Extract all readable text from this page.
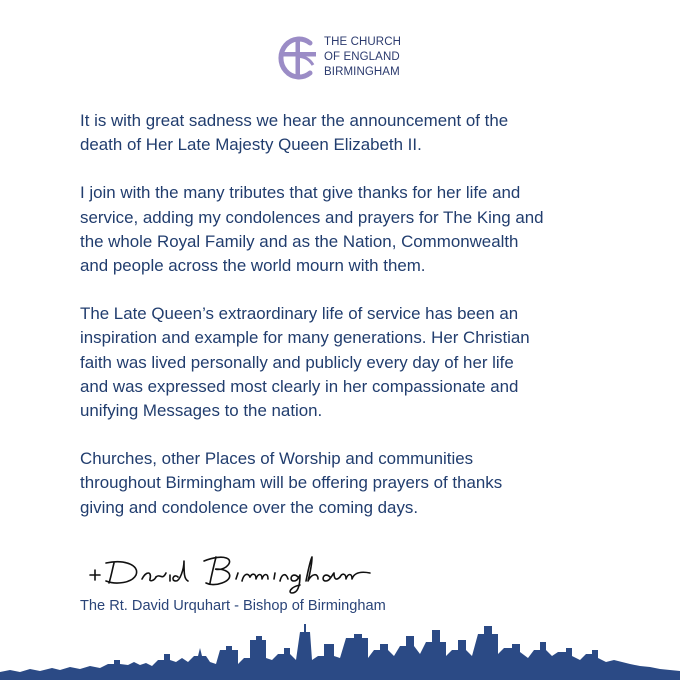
THE CHURCH
OF ENGLAND
BIRMINGHAM

It is with great sadness we hear the announcement of the
death of Her Late Majesty Queen Elizabeth II.

I join with the many tributes that give thanks for her life and
service, adding my condolences and prayers for The King and
the whole Royal Family and as the Nation, Commonwealth
and people across the world mourn with them.

The Late Queen’s extraordinary life of service has been an
inspiration and example for many generations. Her Christian
faith was lived personally and publicly every day of her life
and was expressed most clearly in her compassionate and
unifying Messages to the nation.

Churches, other Places of Worship and communities
throughout Birmingham will be offering prayers of thanks
giving and condolence over the coming days.

The Rt. David Urquhart - Bishop of Birmingham
